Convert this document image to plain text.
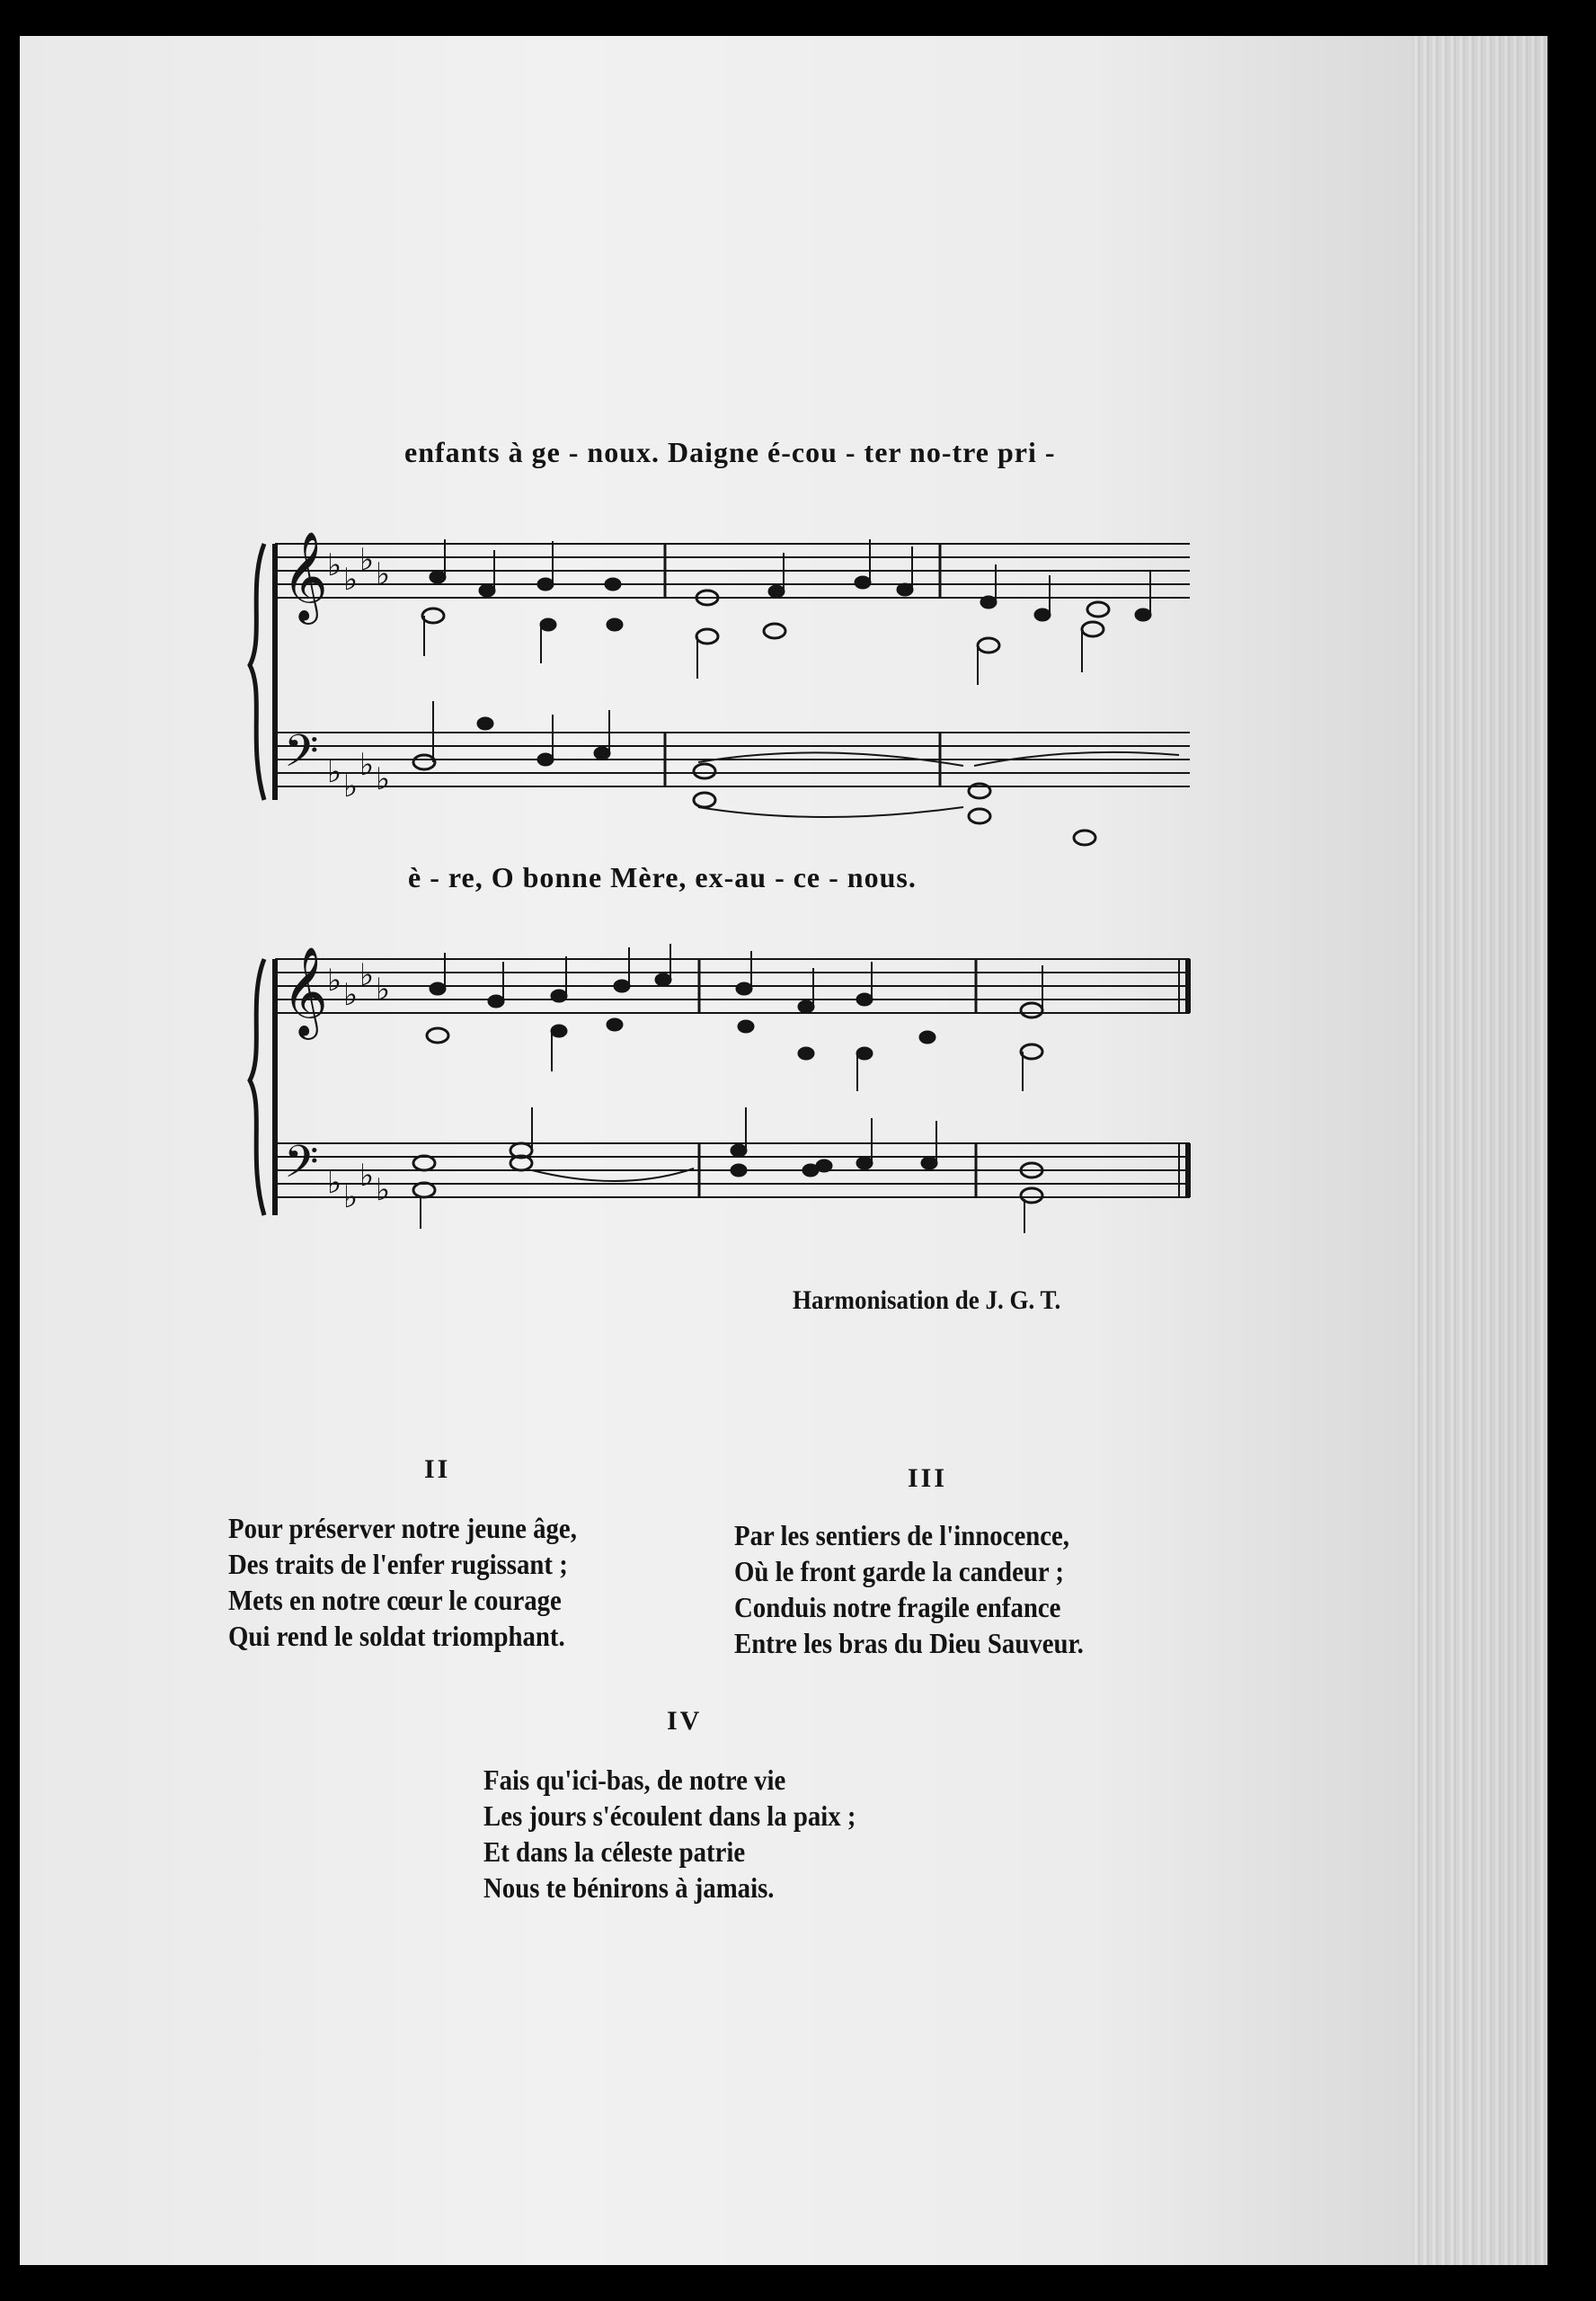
enfants à ge - noux. Daigne é-cou - ter no-tre pri -
𝄞
𝄢
♭ ♭
♭ ♭
♭ ♭
♭ ♭
è - re, O bonne Mère, ex-au - ce - nous.
𝄞
𝄢
♭ ♭
♭ ♭
♭ ♭
♭ ♭
Harmonisation de J. G. T.
II
Pour préserver notre jeune âge,
Des traits de l'enfer rugissant ;
Mets en notre cœur le courage
Qui rend le soldat triomphant.
III
Par les sentiers de l'innocence,
Où le front garde la candeur ;
Conduis notre fragile enfance
Entre les bras du Dieu Sauveur.
IV
Fais qu'ici-bas, de notre vie
Les jours s'écoulent dans la paix ;
Et dans la céleste patrie
Nous te bénirons à jamais.
